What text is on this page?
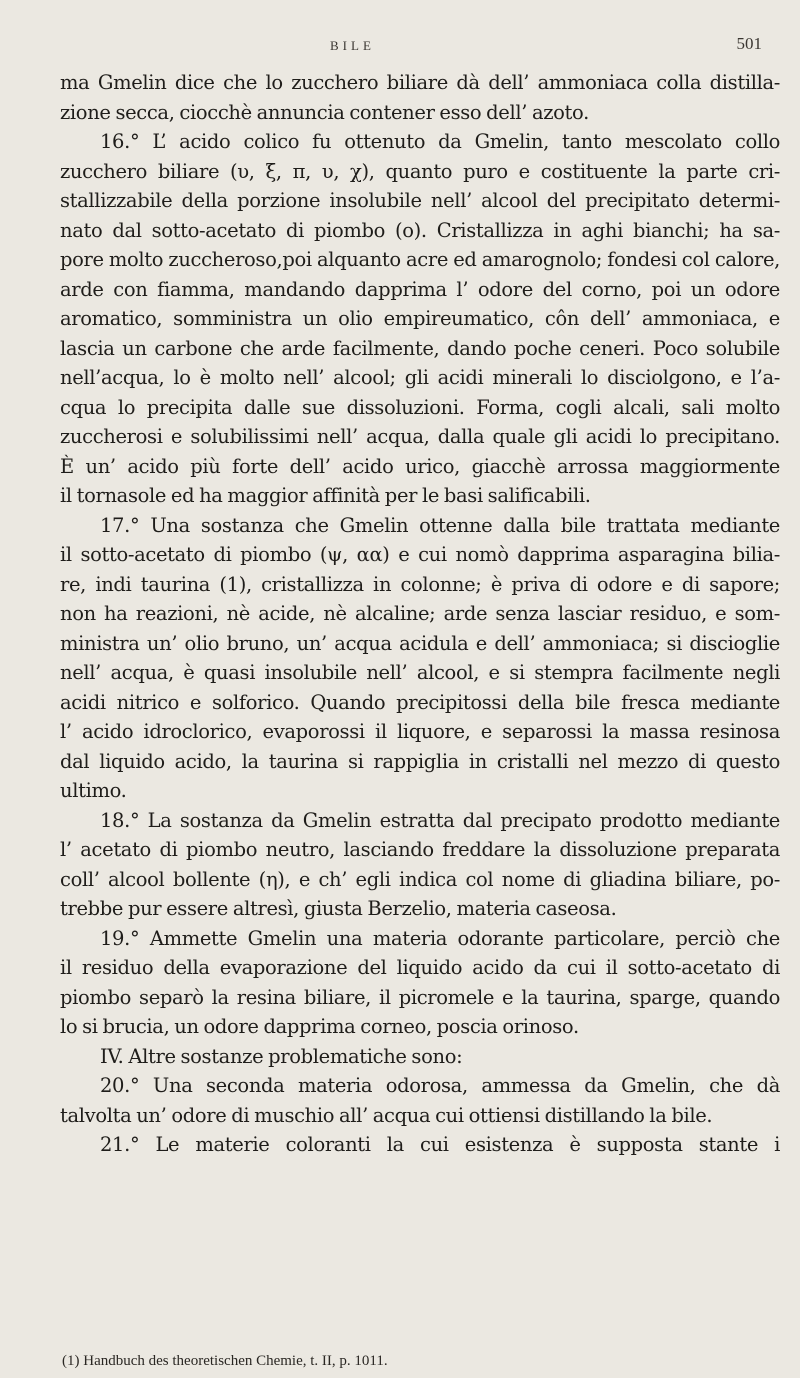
BILE	501
ma Gmelin dice che lo zucchero biliare dà dell’ ammoniaca colla distilla-
zione secca, ciocchè annuncia contener esso dell’ azoto.
16.° L’ acido colico fu ottenuto da Gmelin, tanto mescolato collo
zucchero biliare (υ, ξ, π, υ, χ), quanto puro e costituente la parte cri-
stallizzabile della porzione insolubile nell’ alcool del precipitato determi-
nato dal sotto-acetato di piombo (ο). Cristallizza in aghi bianchi; ha sa-
pore molto zuccheroso,poi alquanto acre ed amarognolo; fondesi col calore,
arde con fiamma, mandando dapprima l’ odore del corno, poi un odore
aromatico, somministra un olio empireumatico, côn dell’ ammoniaca, e
lascia un carbone che arde facilmente, dando poche ceneri. Poco solubile
nell’acqua, lo è molto nell’ alcool; gli acidi minerali lo disciolgono, e l’a-
cqua lo precipita dalle sue dissoluzioni. Forma, cogli alcali, sali molto
zuccherosi e solubilissimi nell’ acqua, dalla quale gli acidi lo precipitano.
È un’ acido più forte dell’ acido urico, giacchè arrossa maggiormente
il tornasole ed ha maggior affinità per le basi salificabili.
17.° Una sostanza che Gmelin ottenne dalla bile trattata mediante
il sotto-acetato di piombo (ψ, αα) e cui nomò dapprima asparagina bilia-
re, indi taurina (1), cristallizza in colonne; è priva di odore e di sapore;
non ha reazioni, nè acide, nè alcaline; arde senza lasciar residuo, e som-
ministra un’ olio bruno, un’ acqua acidula e dell’ ammoniaca; si discioglie
nell’ acqua, è quasi insolubile nell’ alcool, e si stempra facilmente negli
acidi nitrico e solforico. Quando precipitossi della bile fresca mediante
l’ acido idroclorico, evaporossi il liquore, e separossi la massa resinosa
dal liquido acido, la taurina si rappiglia in cristalli nel mezzo di questo
ultimo.
18.° La sostanza da Gmelin estratta dal precipato prodotto mediante
l’ acetato di piombo neutro, lasciando freddare la dissoluzione preparata
coll’ alcool bollente (η), e ch’ egli indica col nome di gliadina biliare, po-
trebbe pur essere altresì, giusta Berzelio, materia caseosa.
19.° Ammette Gmelin una materia odorante particolare, perciò che
il residuo della evaporazione del liquido acido da cui il sotto-acetato di
piombo separò la resina biliare, il picromele e la taurina, sparge, quando
lo si brucia, un odore dapprima corneo, poscia orinoso.
IV. Altre sostanze problematiche sono:
20.° Una seconda materia odorosa, ammessa da Gmelin, che dà
talvolta un’ odore di muschio all’ acqua cui ottiensi distillando la bile.
21.° Le materie coloranti la cui esistenza è supposta stante i
(1) Handbuch des theoretischen Chemie, t. II, p. 1011.
